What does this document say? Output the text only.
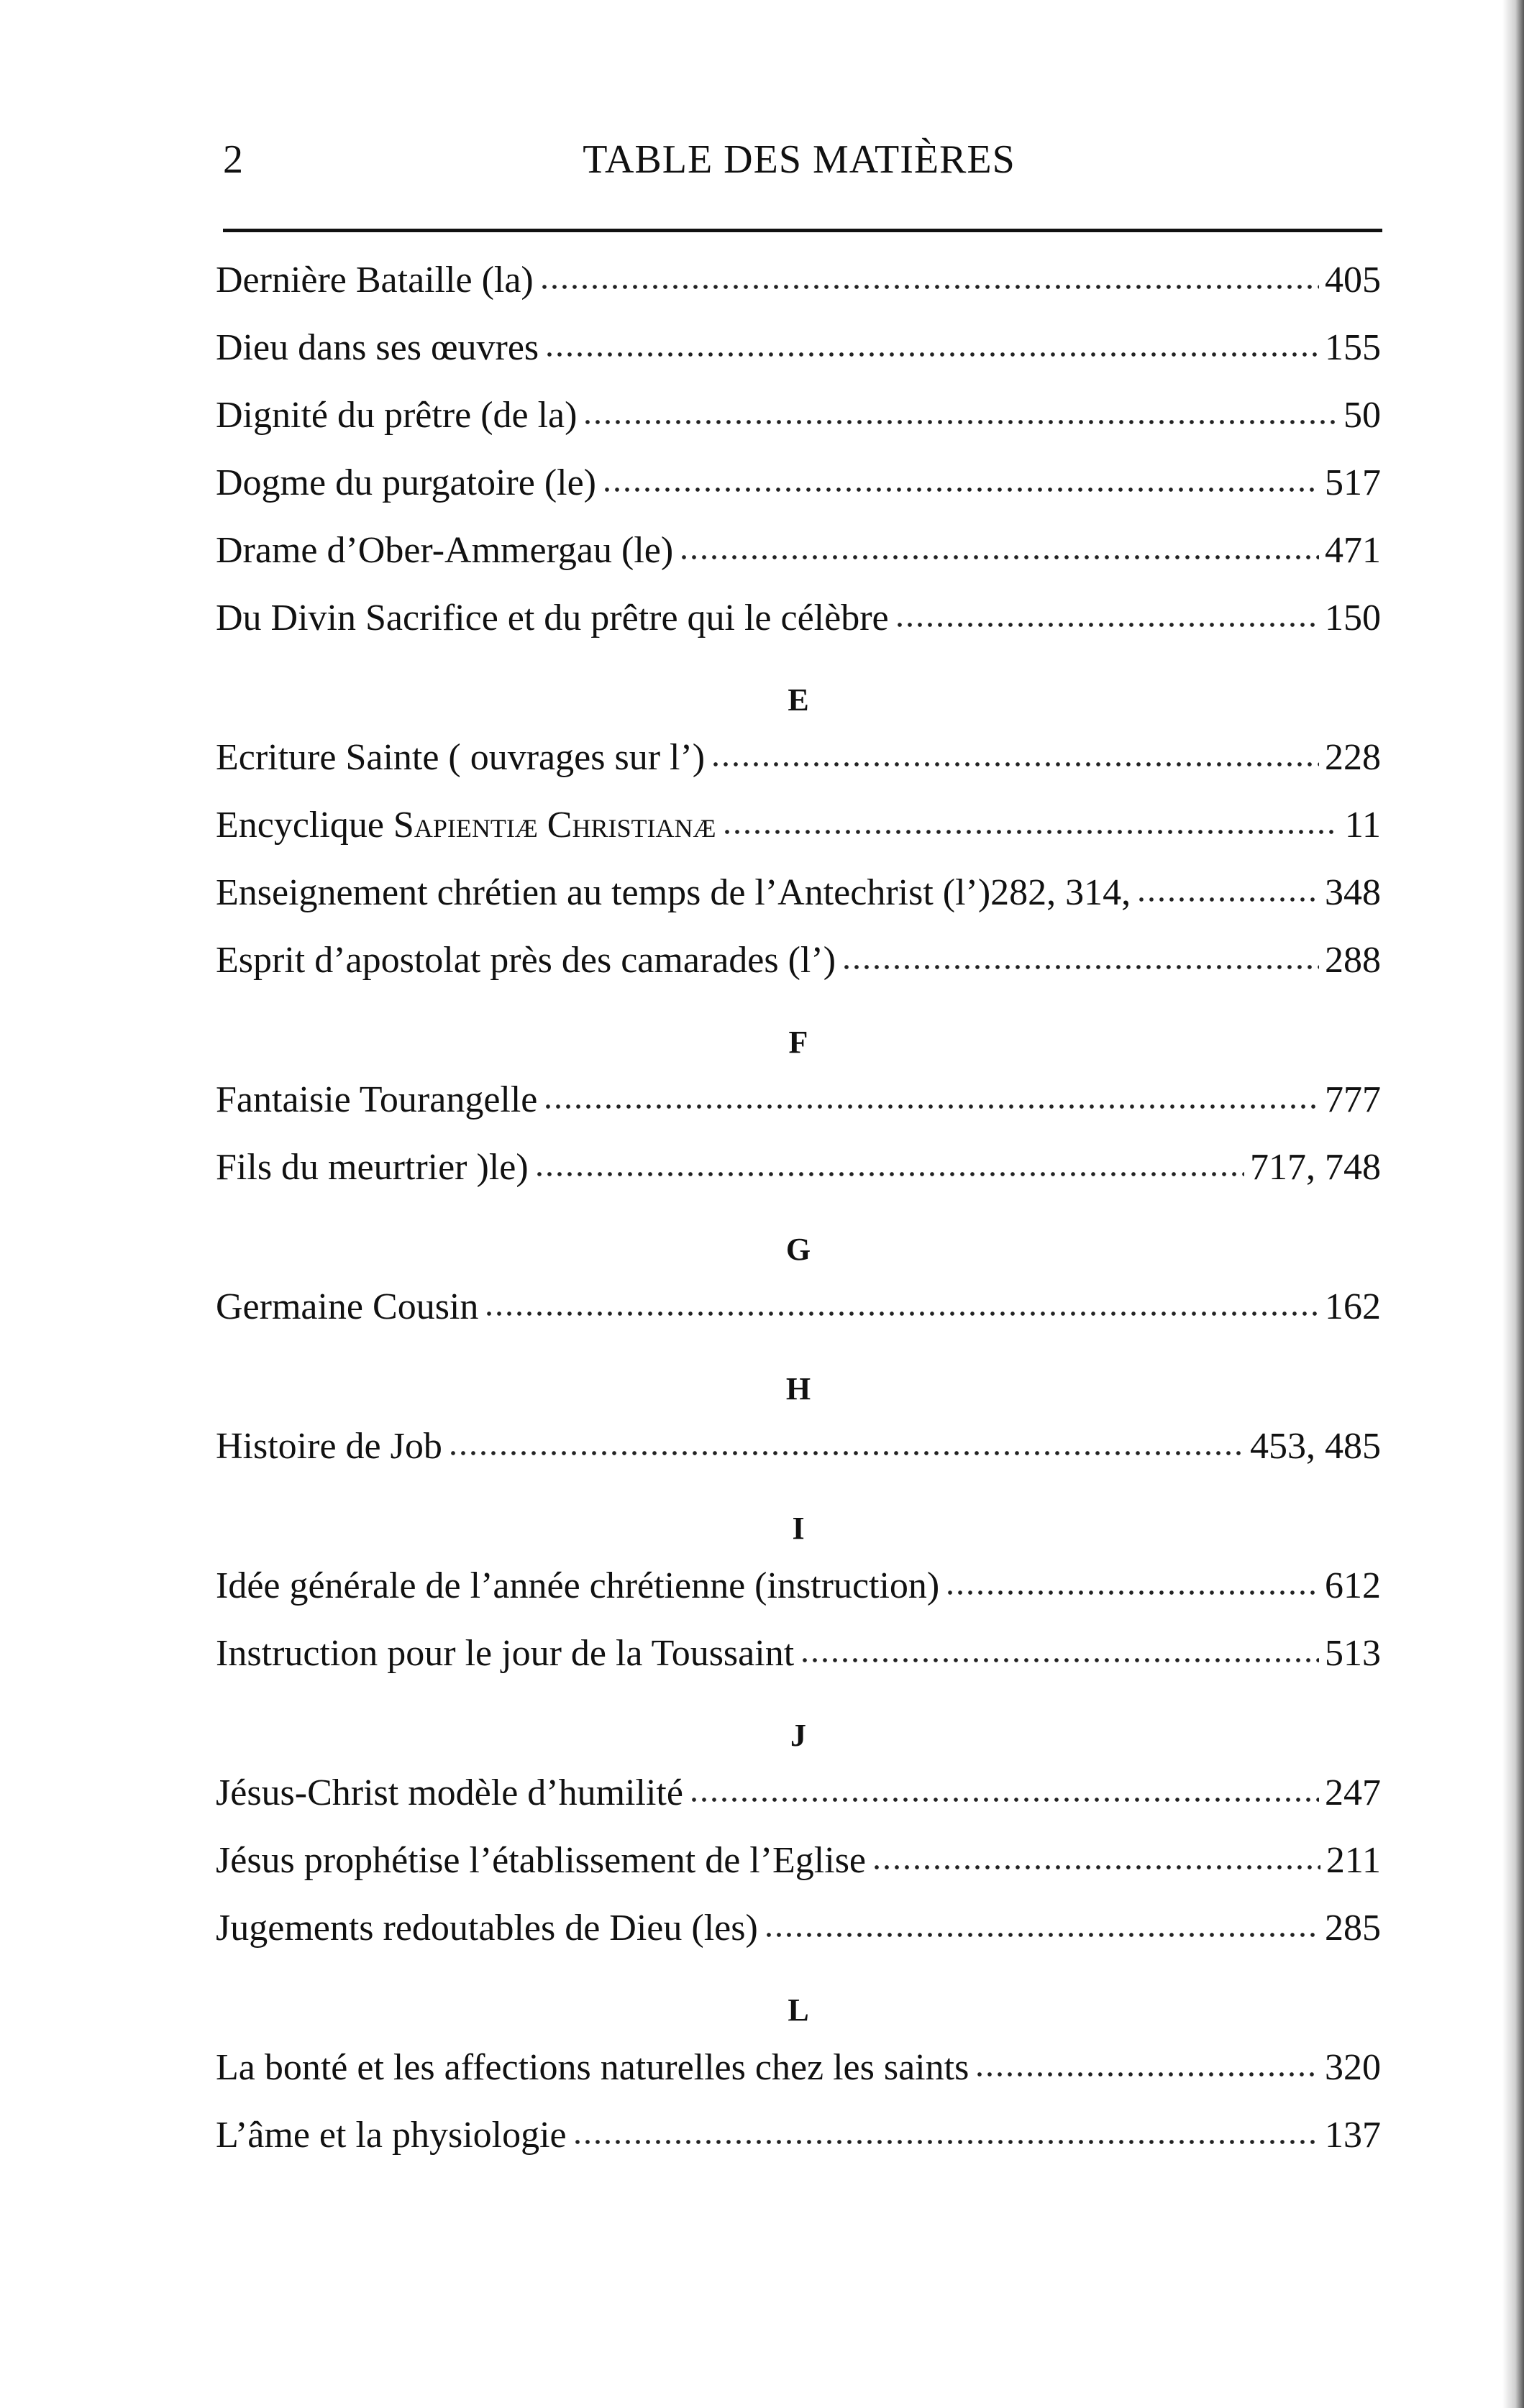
2	TABLE DES MATIÈRES
Dernière Bataille (la)	405
Dieu dans ses œuvres	155
Dignité du prêtre (de la)	50
Dogme du purgatoire (le)	517
Drame d’Ober-Ammergau (le)	471
Du Divin Sacrifice et du prêtre qui le célèbre	150
E
Ecriture Sainte ( ouvrages sur l’)	228
Encyclique Sapientiæ Christianæ	11
Enseignement chrétien au temps de l’Antechrist (l’)282, 314,	348
Esprit d’apostolat près des camarades (l’)	288
F
Fantaisie Tourangelle	777
Fils du meurtrier )le)	717, 748
G
Germaine Cousin	162
H
Histoire de Job	453, 485
I
Idée générale de l’année chrétienne (instruction)	612
Instruction pour le jour de la Toussaint	513
J
Jésus-Christ modèle d’humilité	247
Jésus prophétise l’établissement de l’Eglise	211
Jugements redoutables de Dieu (les)	285
L
La bonté et les affections naturelles chez les saints	320
L’âme et la physiologie	137
